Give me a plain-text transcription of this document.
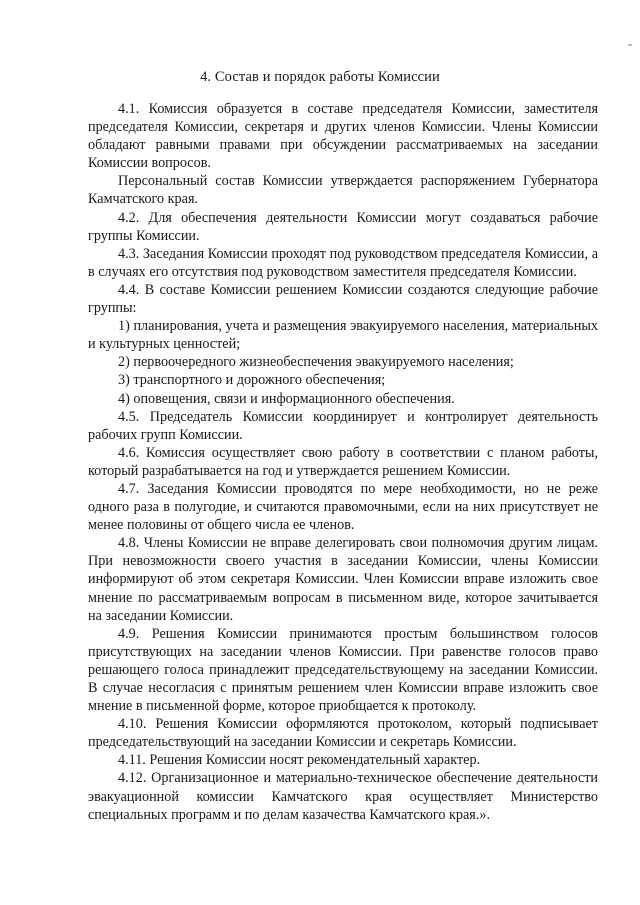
4. Состав и порядок работы Комиссии

4.1. Комиссия образуется в составе председателя Комиссии, заместителя председателя Комиссии, секретаря и других членов Комиссии. Члены Комиссии обладают равными правами при обсуждении рассматриваемых на заседании Комиссии вопросов.

Персональный состав Комиссии утверждается распоряжением Губернатора Камчатского края.

4.2. Для обеспечения деятельности Комиссии могут создаваться рабочие группы Комиссии.

4.3. Заседания Комиссии проходят под руководством председателя Комиссии, а в случаях его отсутствия под руководством заместителя председателя Комиссии.

4.4. В составе Комиссии решением Комиссии создаются следующие рабочие группы:

1) планирования, учета и размещения эвакуируемого населения, материальных и культурных ценностей;

2) первоочередного жизнеобеспечения эвакуируемого населения;

3) транспортного и дорожного обеспечения;

4) оповещения, связи и информационного обеспечения.

4.5. Председатель Комиссии координирует и контролирует деятельность рабочих групп Комиссии.

4.6. Комиссия осуществляет свою работу в соответствии с планом работы, который разрабатывается на год и утверждается решением Комиссии.

4.7. Заседания Комиссии проводятся по мере необходимости, но не реже одного раза в полугодие, и считаются правомочными, если на них присутствует не менее половины от общего числа ее членов.

4.8. Члены Комиссии не вправе делегировать свои полномочия другим лицам. При невозможности своего участия в заседании Комиссии, члены Комиссии информируют об этом секретаря Комиссии. Член Комиссии вправе изложить свое мнение по рассматриваемым вопросам в письменном виде, которое зачитывается на заседании Комиссии.

4.9. Решения Комиссии принимаются простым большинством голосов присутствующих на заседании членов Комиссии. При равенстве голосов право решающего голоса принадлежит председательствующему на заседании Комиссии. В случае несогласия с принятым решением член Комиссии вправе изложить свое мнение в письменной форме, которое приобщается к протоколу.

4.10. Решения Комиссии оформляются протоколом, который подписывает председательствующий на заседании Комиссии и секретарь Комиссии.

4.11. Решения Комиссии носят рекомендательный характер.

4.12. Организационное и материально-техническое обеспечение деятельности эвакуационной комиссии Камчатского края осуществляет Министерство специальных программ и по делам казачества Камчатского края.».
